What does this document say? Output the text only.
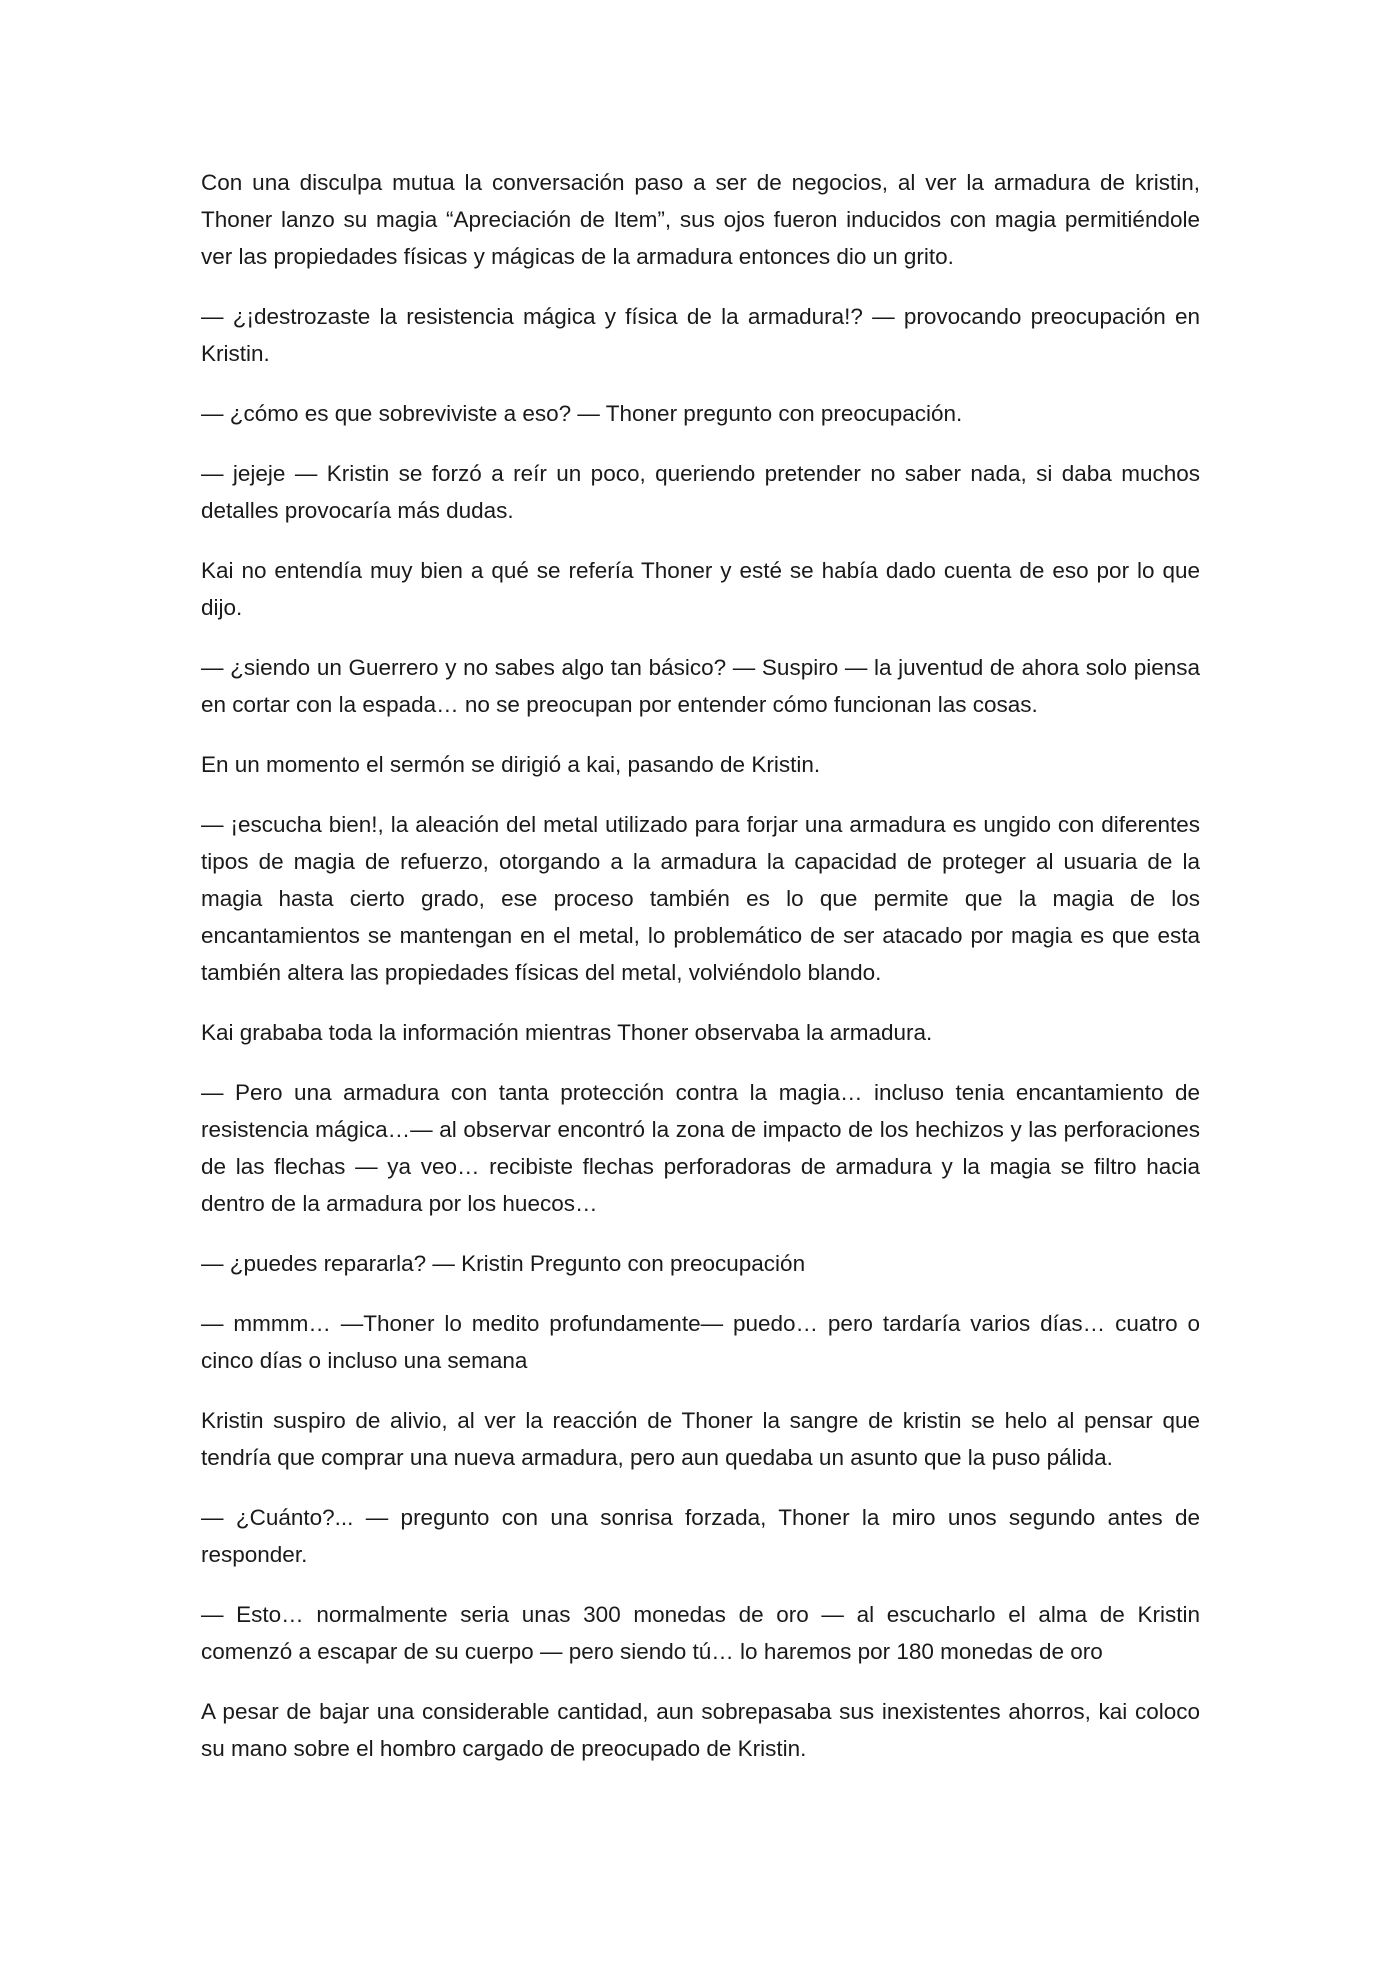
Con una disculpa mutua la conversación paso a ser de negocios, al ver la armadura de kristin, Thoner lanzo su magia “Apreciación de Item”, sus ojos fueron inducidos con magia permitiéndole ver las propiedades físicas y mágicas de la armadura entonces dio un grito.

— ¿¡destrozaste la resistencia mágica y física de la armadura!? — provocando preocupación en Kristin.

— ¿cómo es que sobreviviste a eso? — Thoner pregunto con preocupación.

— jejeje — Kristin se forzó a reír un poco, queriendo pretender no saber nada, si daba muchos detalles provocaría más dudas.

Kai no entendía muy bien a qué se refería Thoner y esté se había dado cuenta de eso por lo que dijo.

— ¿siendo un Guerrero y no sabes algo tan básico? — Suspiro — la juventud de ahora solo piensa en cortar con la espada… no se preocupan por entender cómo funcionan las cosas.

En un momento el sermón se dirigió a kai, pasando de Kristin.

— ¡escucha bien!, la aleación del metal utilizado para forjar una armadura es ungido con diferentes tipos de magia de refuerzo, otorgando a la armadura la capacidad de proteger al usuaria de la magia hasta cierto grado, ese proceso también es lo que permite que la magia de los encantamientos se mantengan en el metal, lo problemático de ser atacado por magia es que esta también altera las propiedades físicas del metal, volviéndolo blando.

Kai grababa toda la información mientras Thoner observaba la armadura.

— Pero una armadura con tanta protección contra la magia… incluso tenia encantamiento de resistencia mágica…— al observar encontró la zona de impacto de los hechizos y las perforaciones de las flechas — ya veo… recibiste flechas perforadoras de armadura y la magia se filtro hacia dentro de la armadura por los huecos…

— ¿puedes repararla? — Kristin Pregunto con preocupación

— mmmm… —Thoner lo medito profundamente— puedo… pero tardaría varios días… cuatro o cinco días o incluso una semana

Kristin suspiro de alivio, al ver la reacción de Thoner la sangre de kristin se helo al pensar que tendría que comprar una nueva armadura, pero aun quedaba un asunto que la puso pálida.

— ¿Cuánto?... — pregunto con una sonrisa forzada, Thoner la miro unos segundo antes de responder.

— Esto… normalmente seria unas 300 monedas de oro — al escucharlo el alma de Kristin comenzó a escapar de su cuerpo — pero siendo tú… lo haremos por 180 monedas de oro

A pesar de bajar una considerable cantidad, aun sobrepasaba sus inexistentes ahorros, kai coloco su mano sobre el hombro cargado de preocupado de Kristin.
